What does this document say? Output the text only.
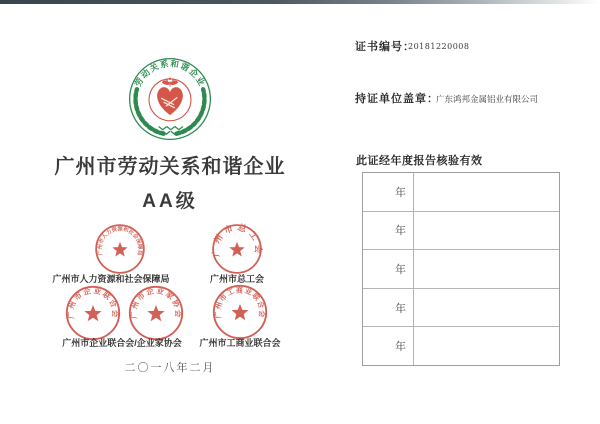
劳动关系和谐企业
广州市劳动关系和谐企业
AA级
广州市人力资源和社会保障局	广州市总工会
广州市人力资源和社会保障局	广州市总工会
广州市企业联合会 广州市企业家协会	广州市工商业联合会
广州市企业联合会/企业家协会	广州市工商业联合会
二〇一八年二月
证书编号：
20181220008
持证单位盖章：
广东鸿邦金属铝业有限公司
此证经年度报告核验有效
年
年
年
年
年
